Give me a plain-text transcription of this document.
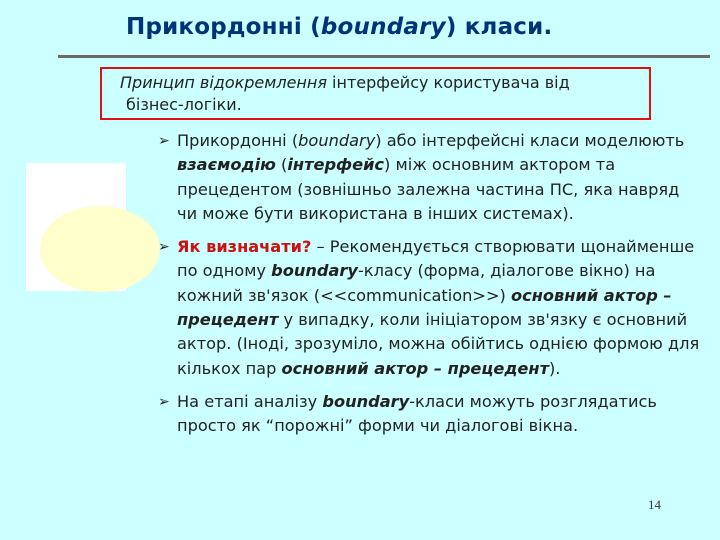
Прикордонні (boundary) класи.
Принцип відокремлення інтерфейсу користувача від
бізнес-логіки.
➢ Прикордонні (boundary) або інтерфейсні класи моделюють взаємодію (інтерфейс) між основним актором та прецедентом (зовнішньо залежна частина ПС, яка навряд чи може бути використана в інших системах).
➢ Як визначати? – Рекомендується створювати щонайменше по одному boundary-класу (форма, діалогове вікно) на кожний зв'язок (<<communication>>) основний актор – прецедент у випадку, коли ініціатором зв'язку є основний актор. (Іноді, зрозуміло, можна обійтись однією формою для кількох пар основний актор – прецедент).
➢ На етапі аналізу boundary-класи можуть розглядатись просто як “порожні” форми чи діалогові вікна.
14
